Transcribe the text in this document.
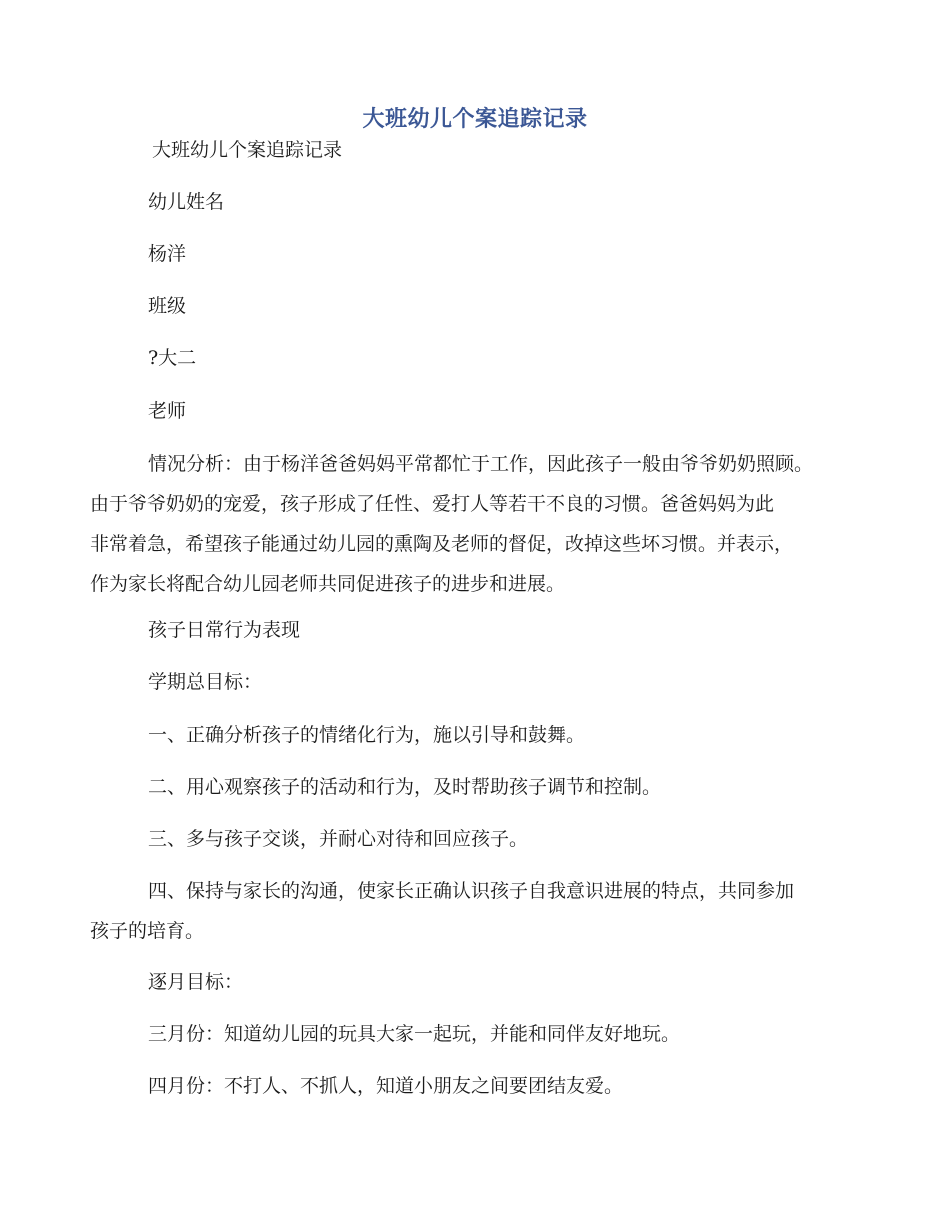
大班幼儿个案追踪记录
大班幼儿个案追踪记录
幼儿姓名
杨洋
班级
?大二
老师
情况分析：由于杨洋爸爸妈妈平常都忙于工作，因此孩子一般由爷爷奶奶照顾。
由于爷爷奶奶的宠爱，孩子形成了任性、爱打人等若干不良的习惯。爸爸妈妈为此
非常着急，希望孩子能通过幼儿园的熏陶及老师的督促，改掉这些坏习惯。并表示，
作为家长将配合幼儿园老师共同促进孩子的进步和进展。
孩子日常行为表现
学期总目标：
一、正确分析孩子的情绪化行为，施以引导和鼓舞。
二、用心观察孩子的活动和行为，及时帮助孩子调节和控制。
三、多与孩子交谈，并耐心对待和回应孩子。
四、保持与家长的沟通，使家长正确认识孩子自我意识进展的特点，共同参加
孩子的培育。
逐月目标：
三月份：知道幼儿园的玩具大家一起玩，并能和同伴友好地玩。
四月份：不打人、不抓人，知道小朋友之间要团结友爱。
